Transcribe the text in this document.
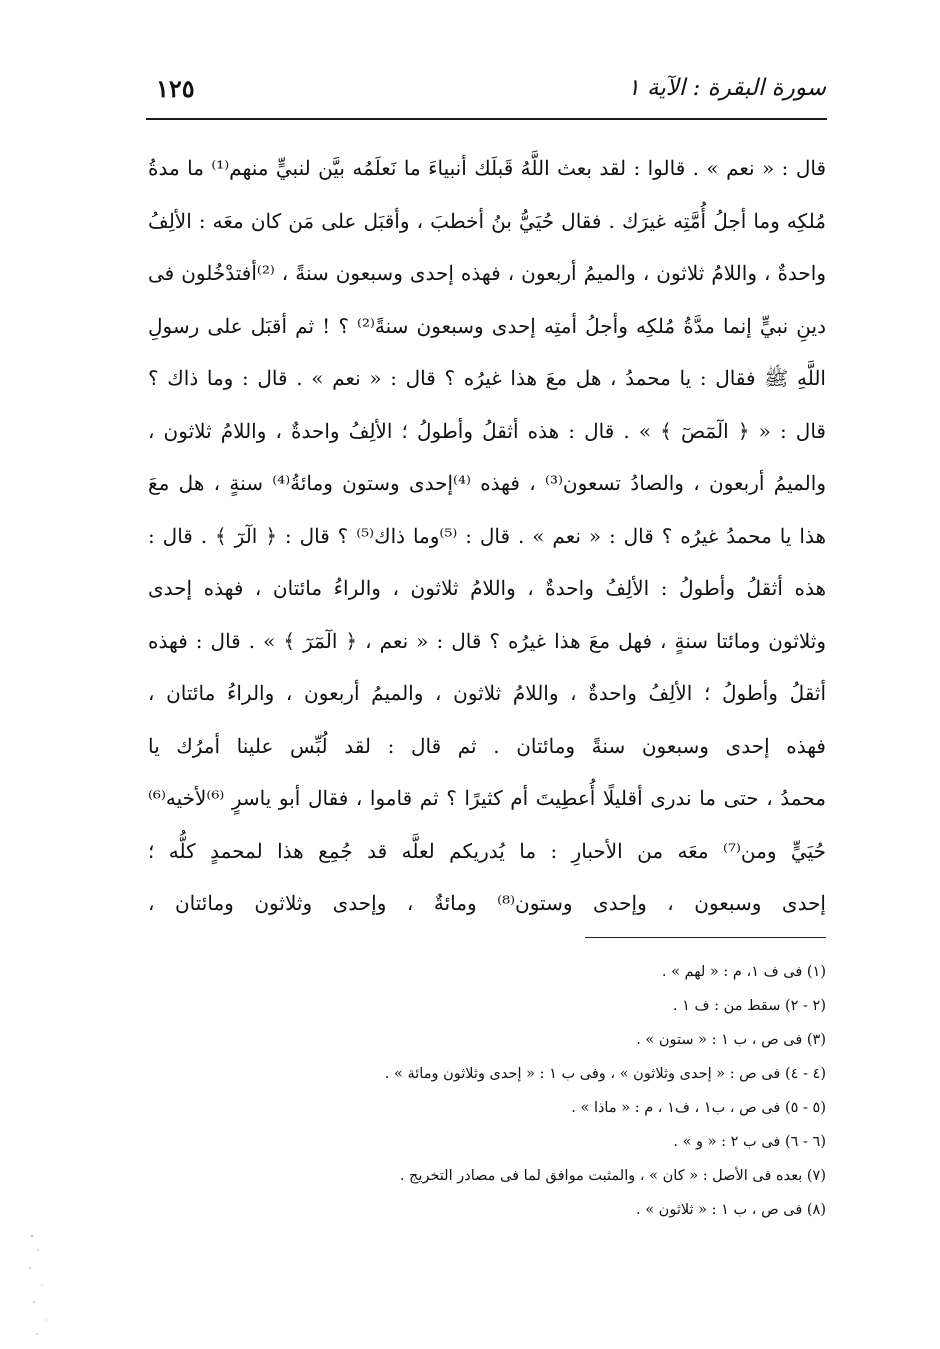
سورة البقرة : الآية ١
١٢٥
قال : « نعم » . قالوا : لقد بعث اللَّهُ قَبلَك أنبياءَ ما نَعلَمُه بيَّن لنبيٍّ منهم⁽¹⁾ ما مدةُ
مُلكِه وما أجلُ أُمَّتِه غيرَك . فقال حُيَيُّ بنُ أخطبَ ، وأقبَل على مَن كان معَه : الألِفُ
واحدةٌ ، واللامُ ثلاثون ، والميمُ أربعون ، فهذه إحدى وسبعون سنةً ، ⁽²⁾أفتدْخُلون فى
دينِ نبيٍّ إنما مدَّةُ مُلكِه وأجلُ أمتِه إحدى وسبعون سنةً⁽²⁾ ؟ ! ثم أقبَل على رسولِ
اللَّهِ ﷺ فقال : يا محمدُ ، هل معَ هذا غيرُه ؟ قال : « نعم » . قال : وما ذاك ؟
قال : « ﴿ الٓمٓصٓ ﴾ » . قال : هذه أثقلُ وأطولُ ؛ الألِفُ واحدةٌ ، واللامُ ثلاثون ،
والميمُ أربعون ، والصادُ تسعون⁽³⁾ ، فهذه ⁽⁴⁾إحدى وستون ومائةُ⁽⁴⁾ سنةٍ ، هل معَ
هذا يا محمدُ غيرُه ؟ قال : « نعم » . قال : ⁽⁵⁾وما ذاك⁽⁵⁾ ؟ قال : ﴿ الٓرٓ ﴾ . قال :
هذه أثقلُ وأطولُ : الألِفُ واحدةٌ ، واللامُ ثلاثون ، والراءُ مائتان ، فهذه إحدى
وثلاثون ومائتا سنةٍ ، فهل معَ هذا غيرُه ؟ قال : « نعم ، ﴿ الٓمٓرٓ ﴾ » . قال : فهذه
أثقلُ وأطولُ ؛ الألِفُ واحدةٌ ، واللامُ ثلاثون ، والميمُ أربعون ، والراءُ مائتان ،
فهذه إحدى وسبعون سنةً ومائتان . ثم قال : لقد لُبِّس علينا أمرُك يا
محمدُ ، حتى ما ندرى أقليلًا أُعطِيتَ أم كثيرًا ؟ ثم قاموا ، فقال أبو ياسرٍ ⁽⁶⁾لأخيه⁽⁶⁾
حُيَيٍّ ومن⁽⁷⁾ معَه من الأحبارِ : ما يُدريكم لعلَّه قد جُمِع هذا لمحمدٍ كلُّه ؛
إحدى وسبعون ، وإحدى وستون⁽⁸⁾ ومائةٌ ، وإحدى وثلاثون ومائتان ،
(١) فى ف ١، م : « لهم » .
(٢ - ٢) سقط من : ف ١ .
(٣) فى ص ، ب ١ : « ستون » .
(٤ - ٤) فى ص : « إحدى وثلاثون » ، وفى ب ١ : « إحدى وثلاثون ومائة » .
(٥ - ٥) فى ص ، ب١ ، ف١ ، م : « ماذا » .
(٦ - ٦) فى ب ٢ : « و » .
(٧) بعده فى الأصل : « كان » ، والمثبت موافق لما فى مصادر التخريج .
(٨) فى ص ، ب ١ : « ثلاثون » .
